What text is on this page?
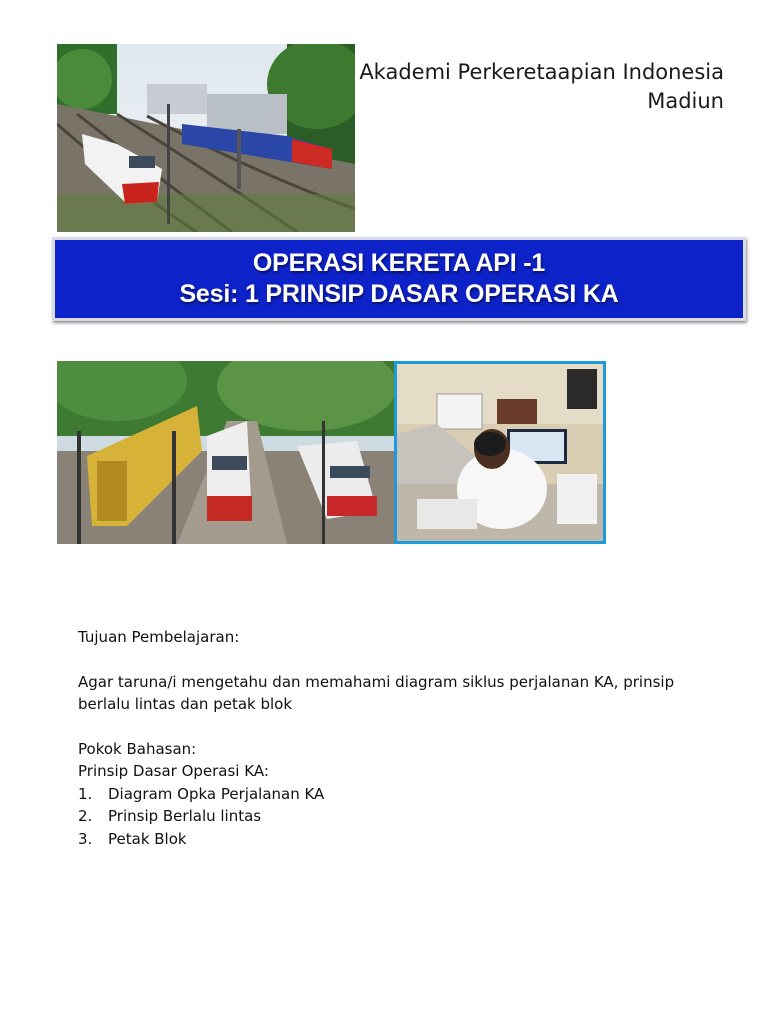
Akademi Perkeretaapian Indonesia
Madiun
OPERASI KERETA API -1
Sesi: 1 PRINSIP DASAR OPERASI KA

Tujuan Pembelajaran:

Agar taruna/i mengetahu dan memahami diagram siklus perjalanan KA, prinsip berlalu lintas dan petak blok

Pokok Bahasan:

Prinsip Dasar Operasi KA:

1.	Diagram Opka Perjalanan KA
2.	Prinsip Berlalu lintas
3.	Petak Blok
